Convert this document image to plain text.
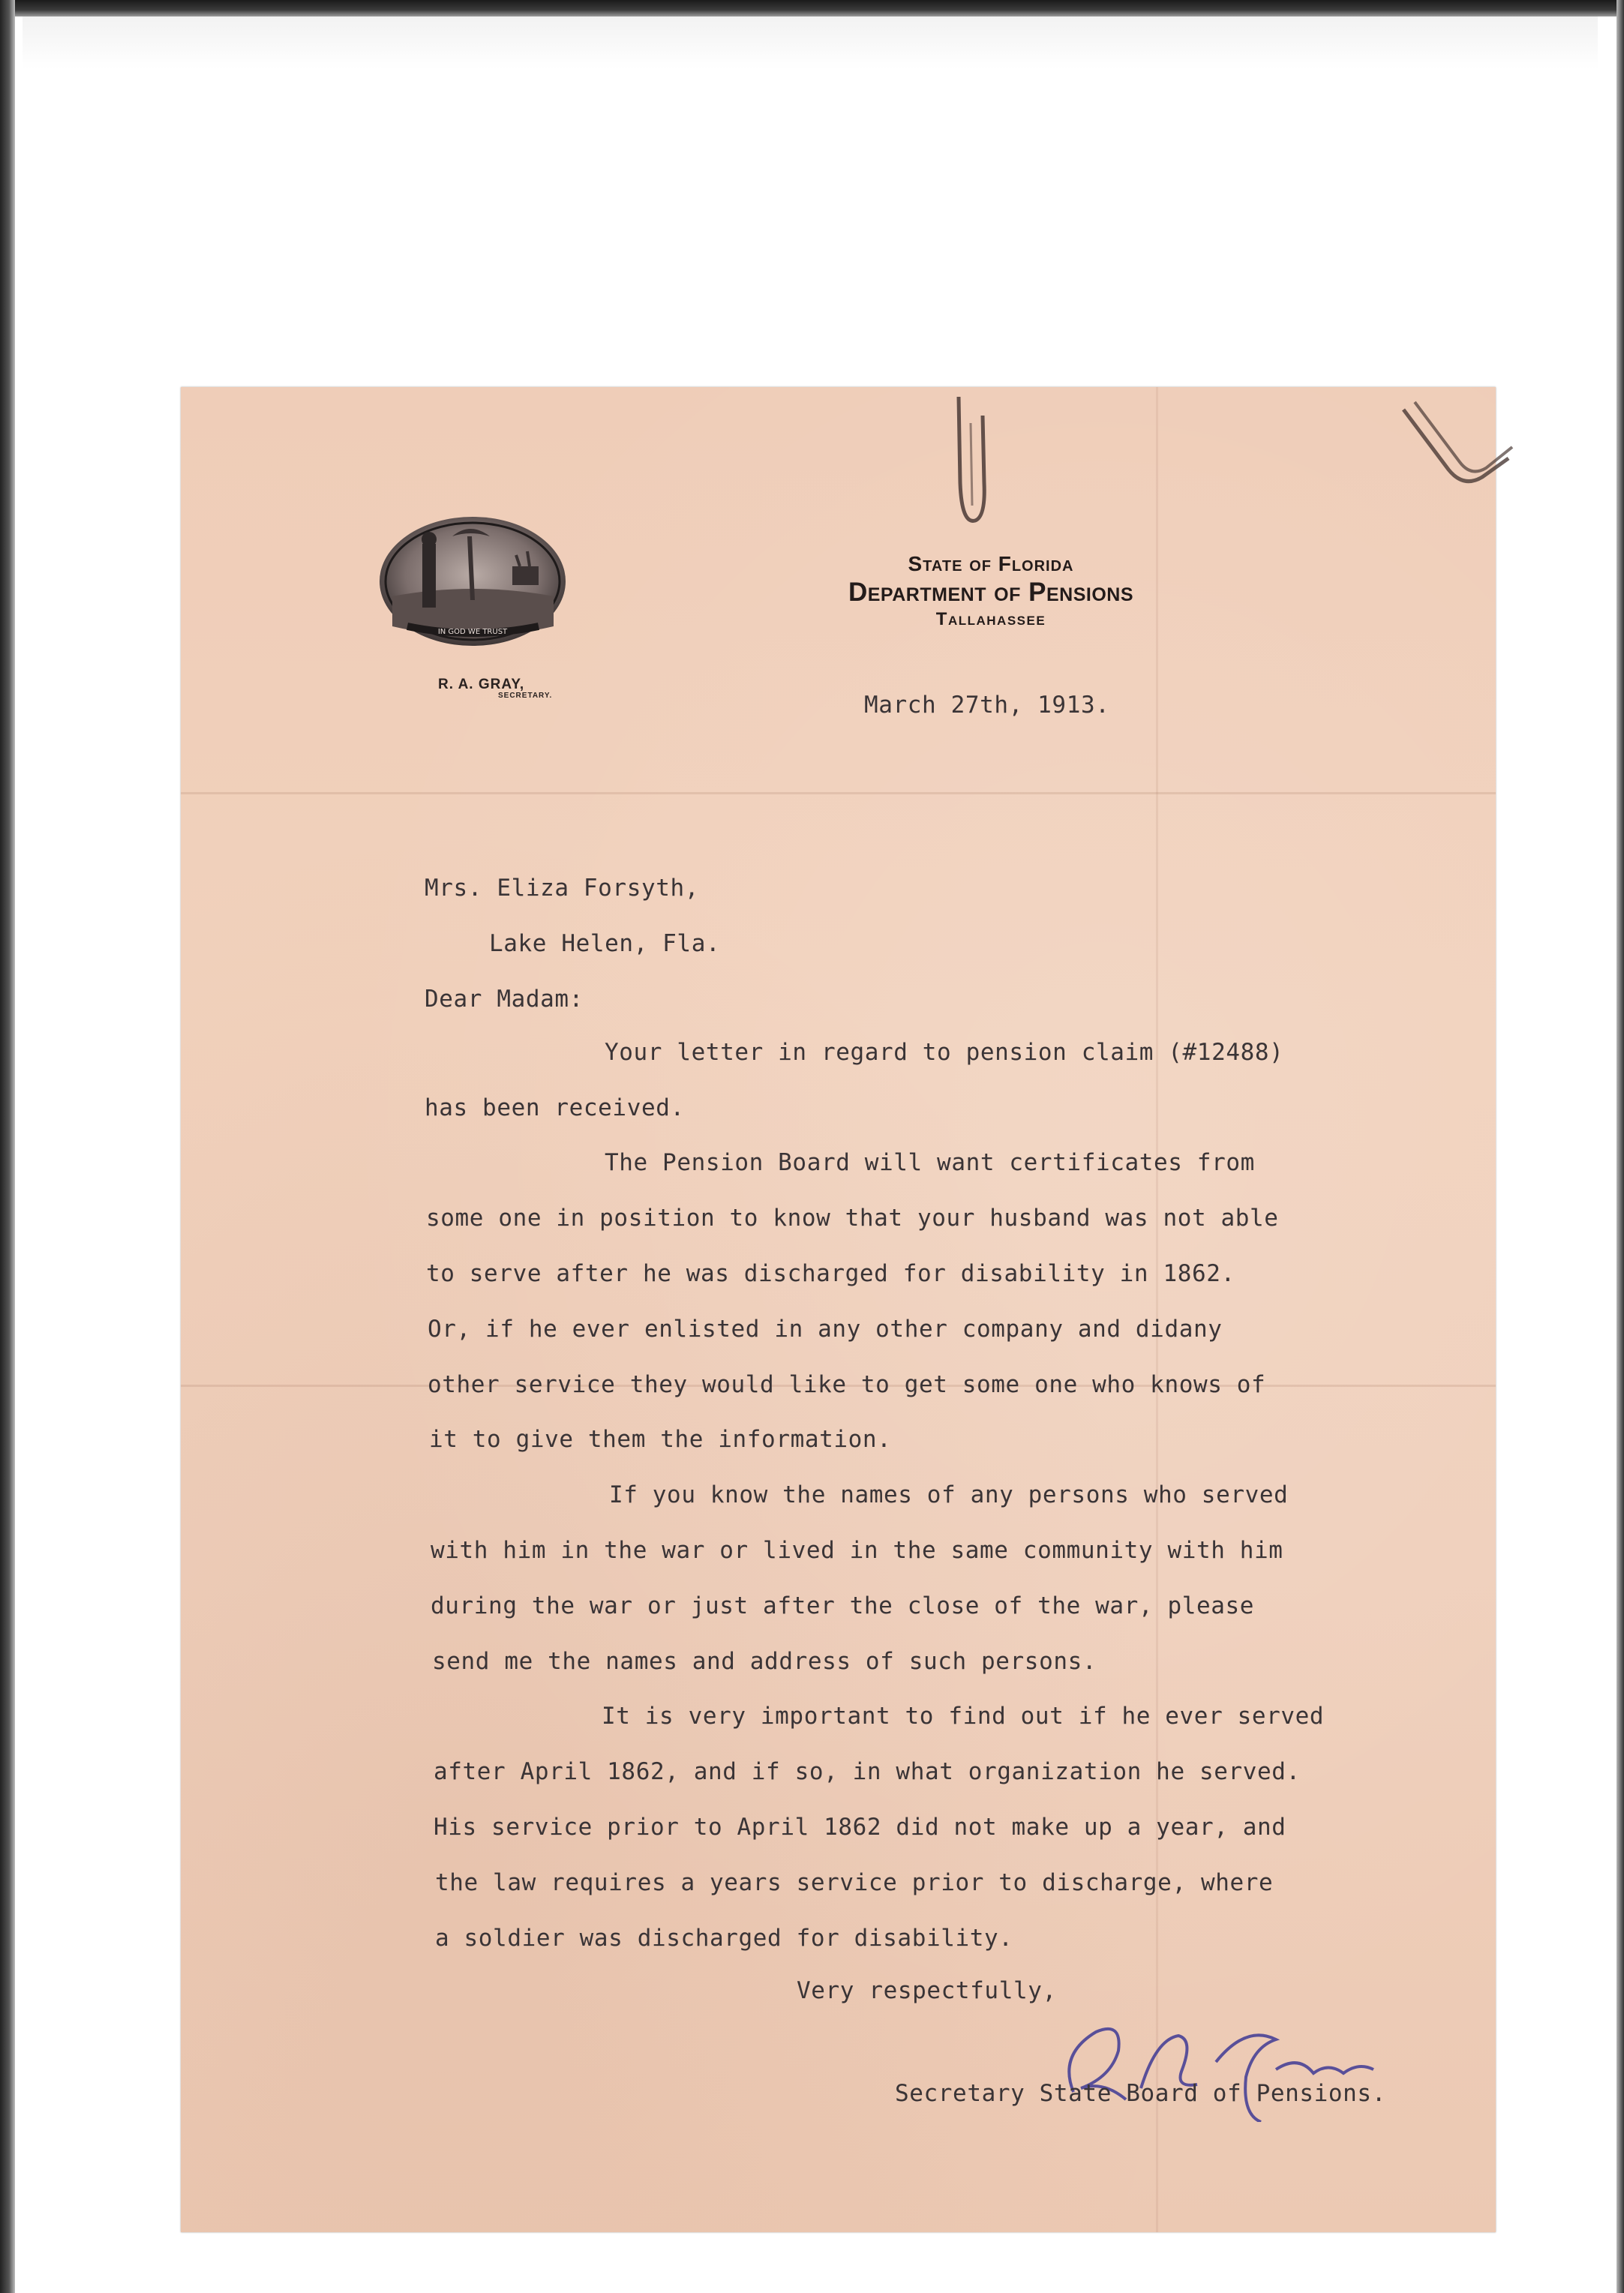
IN GOD WE TRUST
R. A. GRAY,
SECRETARY.
State of Florida
Department of Pensions
Tallahassee
March 27th, 1913.
Mrs. Eliza Forsyth,
Lake Helen, Fla.
Dear Madam:
Your letter in regard to pension claim (#12488)
has been received.
The Pension Board will want certificates from
some one in position to know that your husband was not able
to serve after he was discharged for disability in 1862.
Or, if he ever enlisted in any other company and didany
other service they would like to get some one who knows of
it to give them the information.
If you know the names of any persons who served
with him in the war or lived in the same community with him
during the war or just after the close of the war, please
send me the names and address of such persons.
It is very important to find out if he ever served
after April 1862, and if so, in what organization he served.
His service prior to April 1862 did not make up a year, and
the law requires a years service prior to discharge, where
a soldier was discharged for disability.
Very respectfully,
Secretary State Board of Pensions.
